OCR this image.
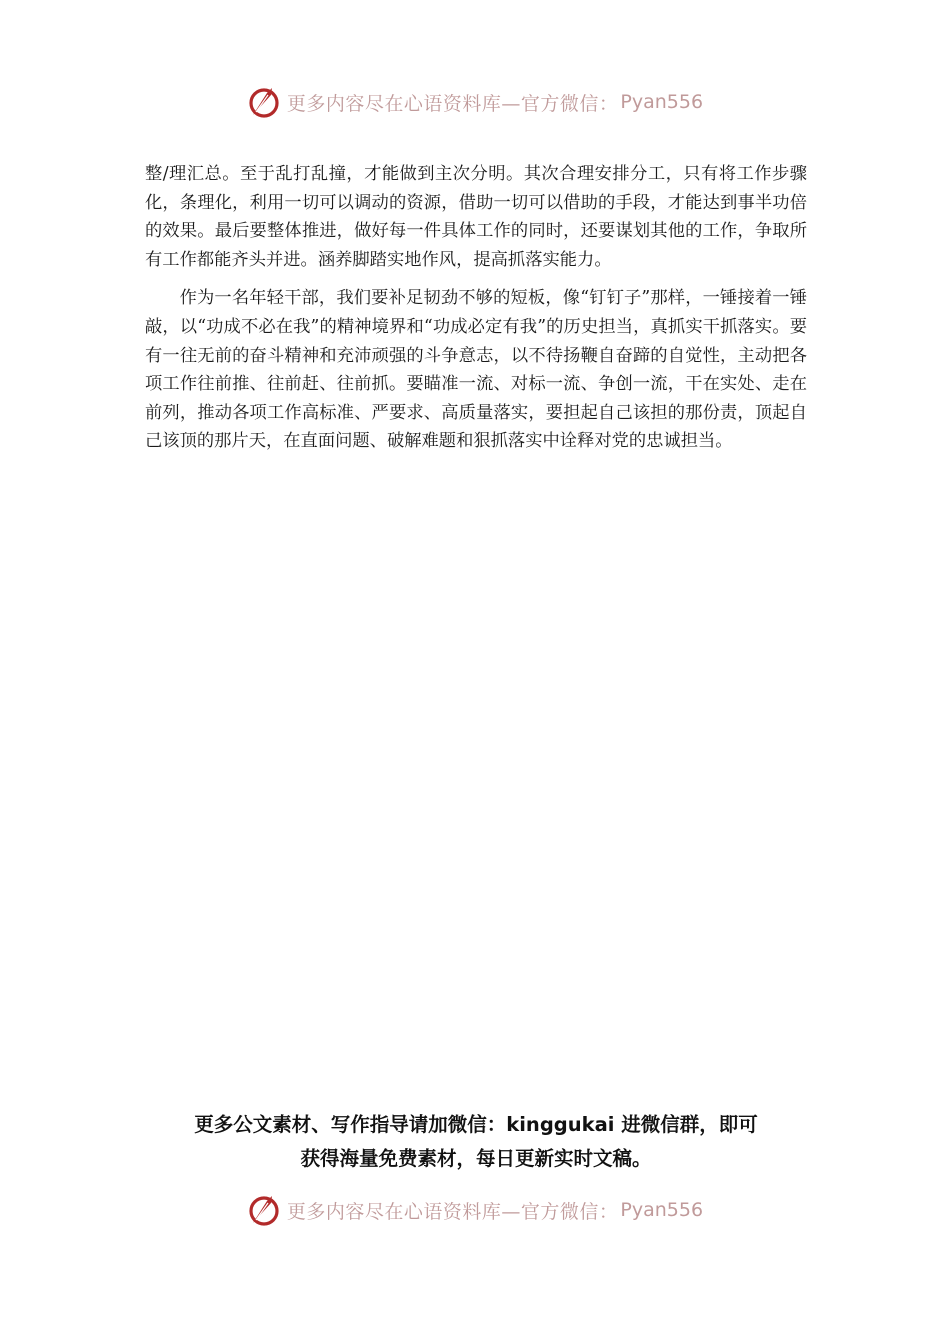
更多内容尽在心语资料库—官方微信： Pyan556

整/理汇总。至于乱打乱撞，才能做到主次分明。其次合理安排分工，只有将工作步骤化，条理化，利用一切可以调动的资源，借助一切可以借助的手段，才能达到事半功倍的效果。最后要整体推进，做好每一件具体工作的同时，还要谋划其他的工作，争取所有工作都能齐头并进。涵养脚踏实地作风，提高抓落实能力。

作为一名年轻干部，我们要补足韧劲不够的短板，像“钉钉子”那样，一锤接着一锤敲，以“功成不必在我”的精神境界和“功成必定有我”的历史担当，真抓实干抓落实。要有一往无前的奋斗精神和充沛顽强的斗争意志，以不待扬鞭自奋蹄的自觉性，主动把各项工作往前推、往前赶、往前抓。要瞄准一流、对标一流、争创一流，干在实处、走在前列，推动各项工作高标准、严要求、高质量落实，要担起自己该担的那份责，顶起自己该顶的那片天，在直面问题、破解难题和狠抓落实中诠释对党的忠诚担当。

更多公文素材、写作指导请加微信：kinggukai 进微信群，即可
获得海量免费素材，每日更新实时文稿。
更多内容尽在心语资料库—官方微信： Pyan556
